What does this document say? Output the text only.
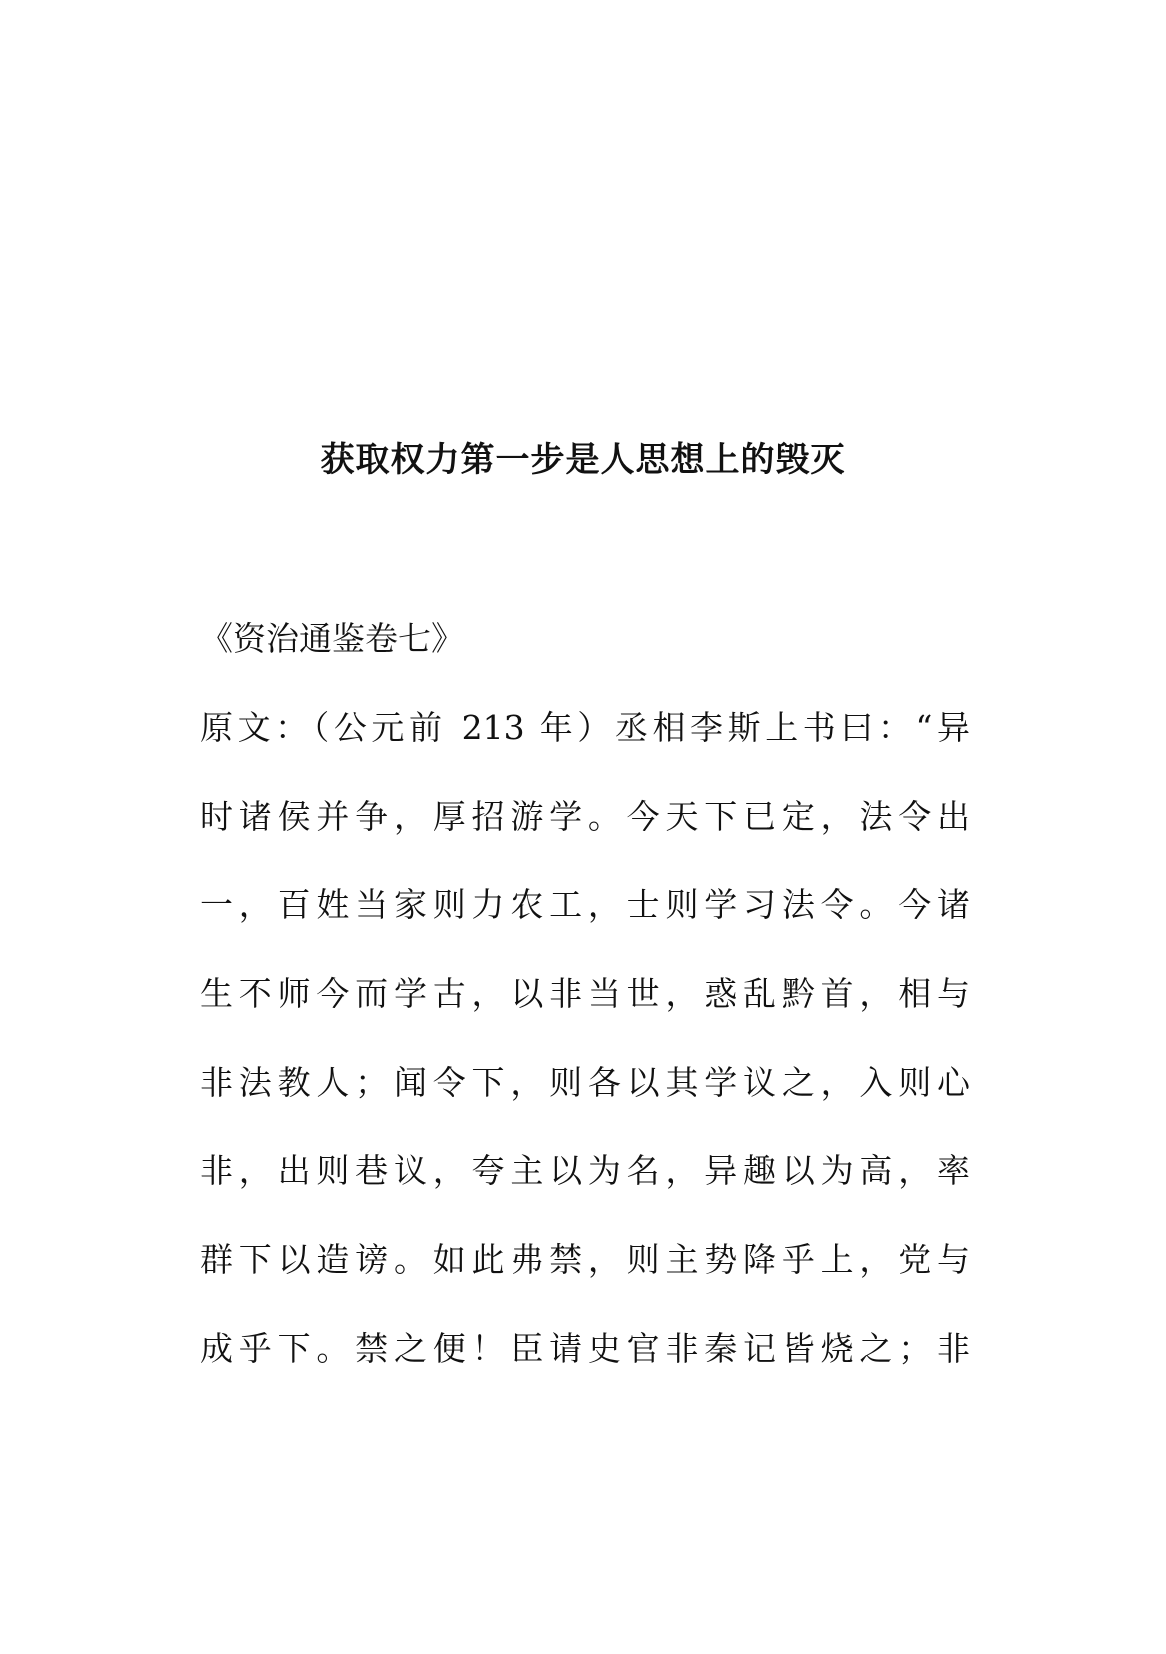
获取权力第一步是人思想上的毁灭

《资治通鉴卷七》

原文：（公元前 213 年）丞相李斯上书曰：“异
时诸侯并争，厚招游学。今天下已定，法令出
一，百姓当家则力农工，士则学习法令。今诸
生不师今而学古，以非当世，惑乱黔首，相与
非法教人；闻令下，则各以其学议之，入则心
非，出则巷议，夸主以为名，异趣以为高，率
群下以造谤。如此弗禁，则主势降乎上，党与
成乎下。禁之便！臣请史官非秦记皆烧之；非
